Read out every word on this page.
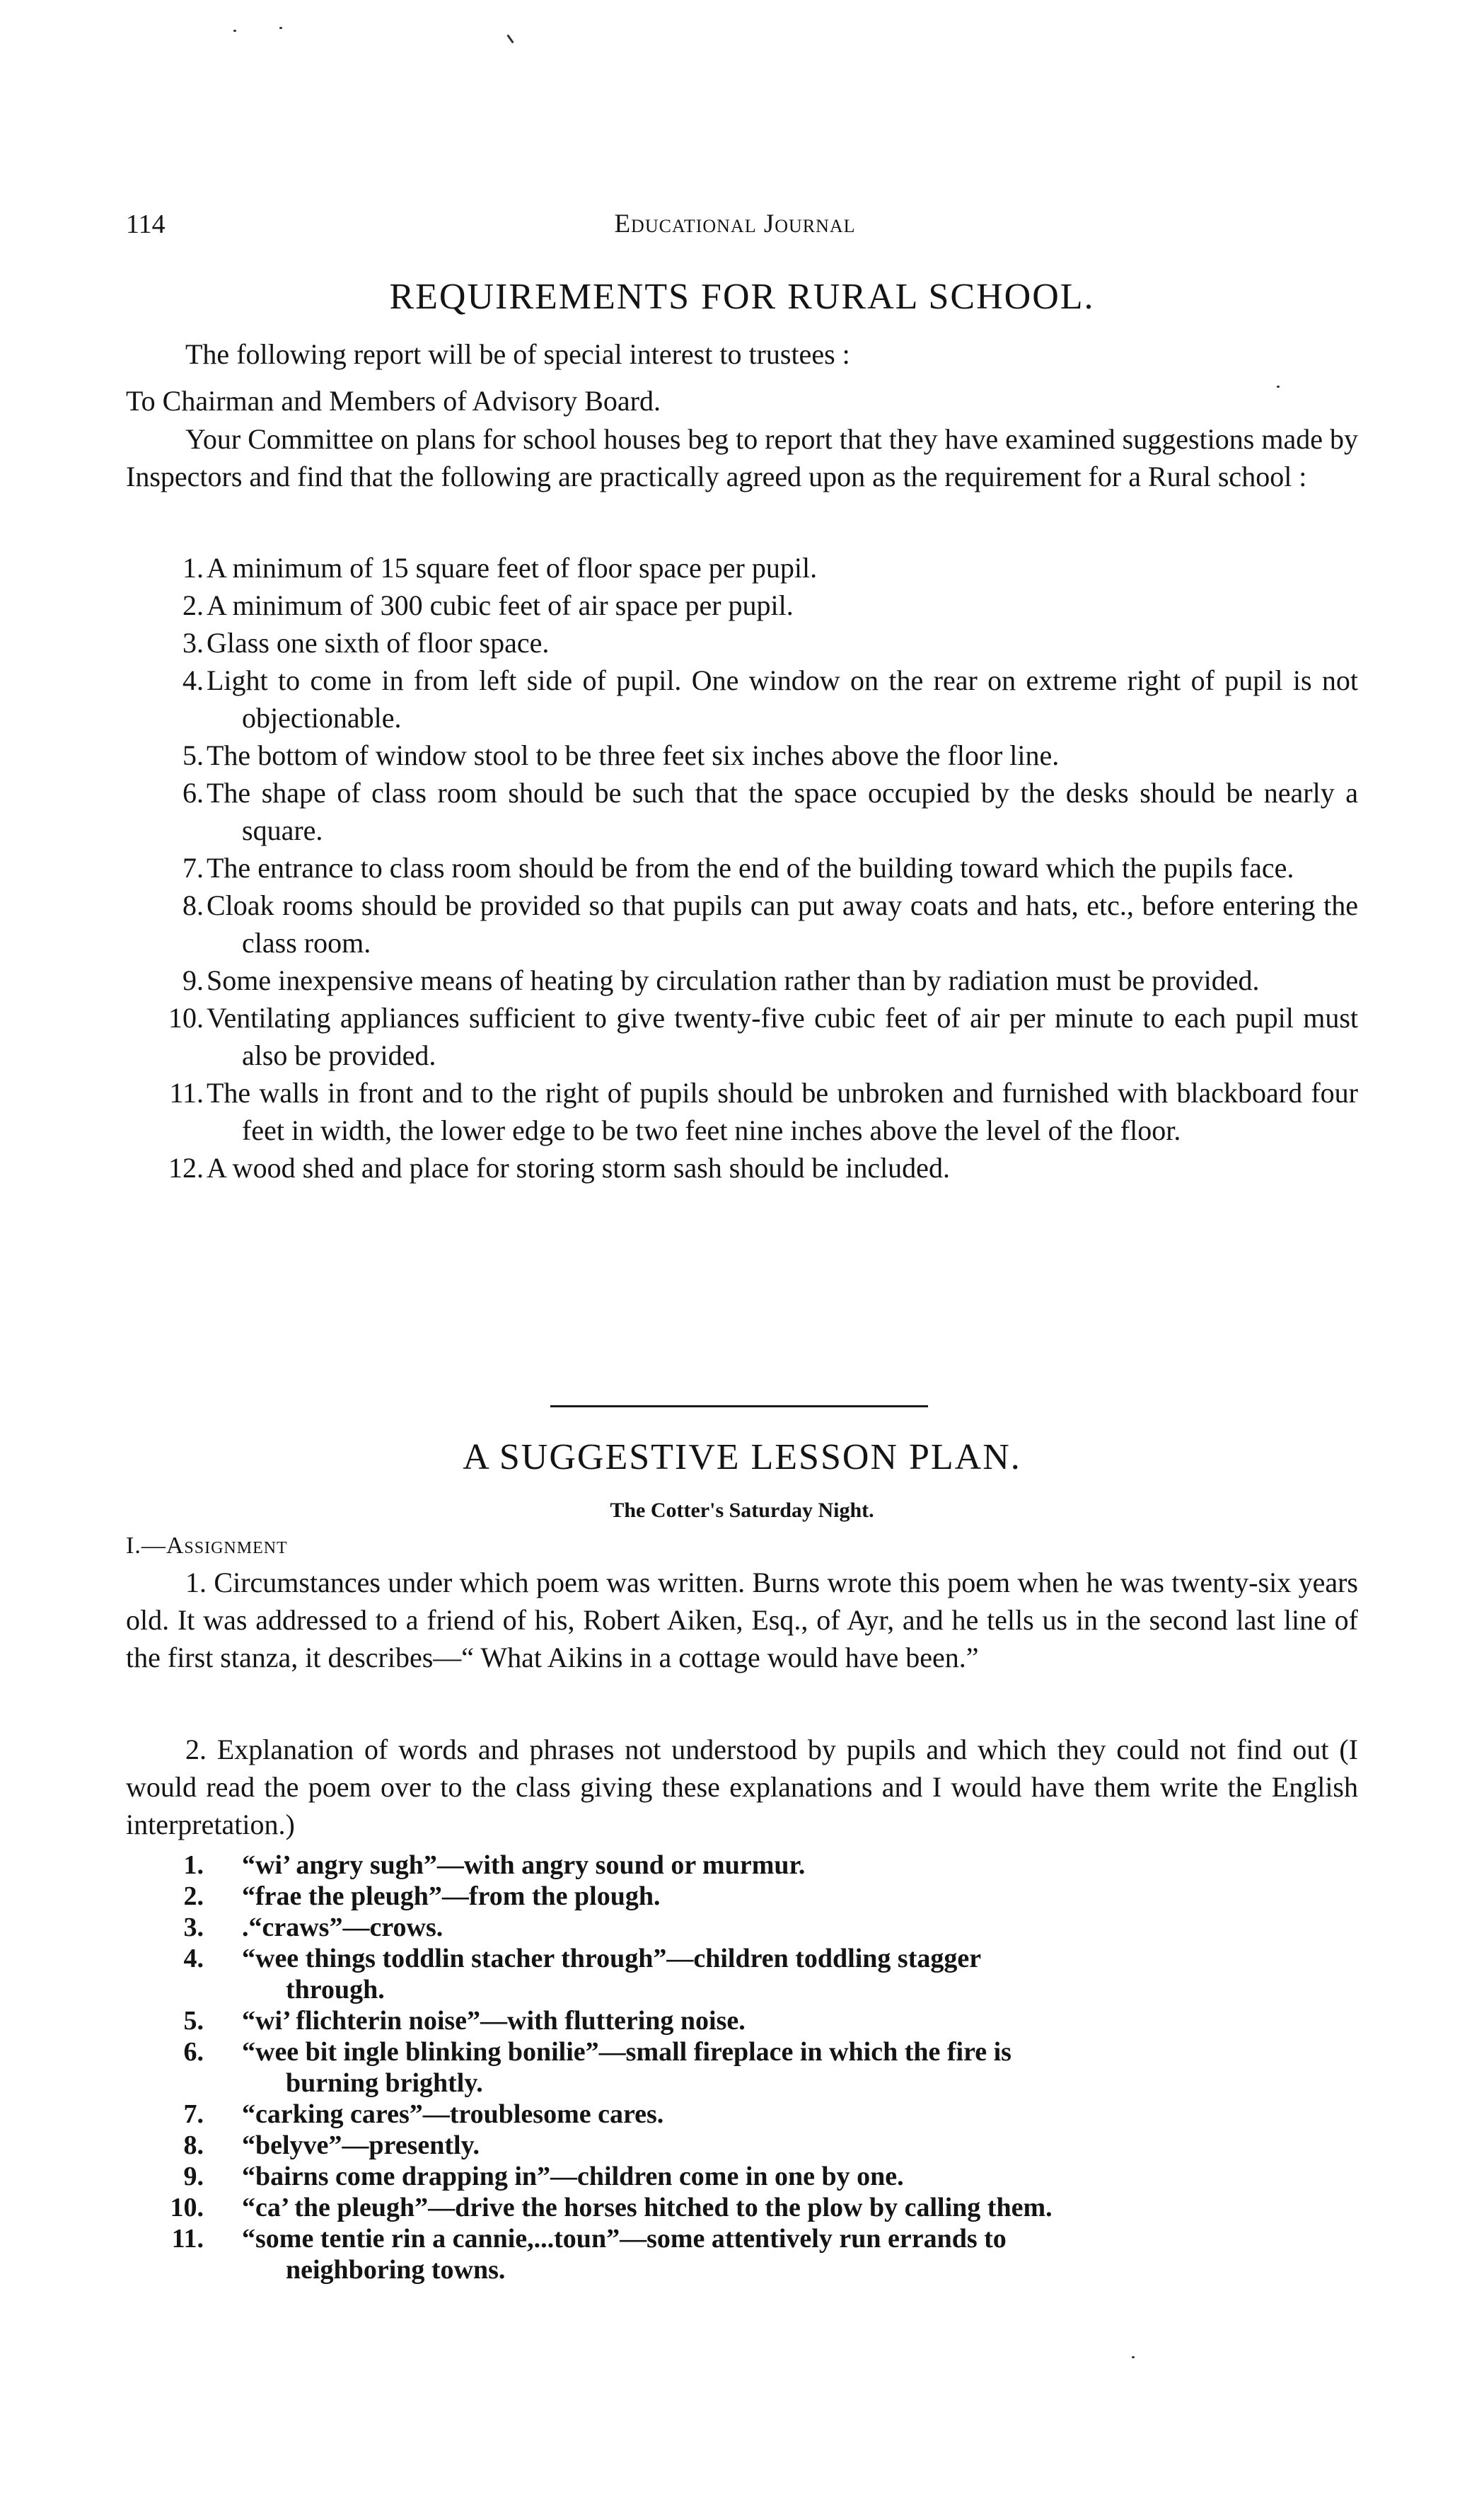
114	Educational Journal
REQUIREMENTS FOR RURAL SCHOOL.
The following report will be of special interest to trustees :
To Chairman and Members of Advisory Board.
Your Committee on plans for school houses beg to report that they have examined suggestions made by Inspectors and find that the following are practically agreed upon as the requirement for a Rural school :
1. A minimum of 15 square feet of floor space per pupil.
2. A minimum of 300 cubic feet of air space per pupil.
3. Glass one sixth of floor space.
4. Light to come in from left side of pupil. One window on the rear on extreme right of pupil is not objectionable.
5. The bottom of window stool to be three feet six inches above the floor line.
6. The shape of class room should be such that the space occupied by the desks should be nearly a square.
7. The entrance to class room should be from the end of the building toward which the pupils face.
8. Cloak rooms should be provided so that pupils can put away coats and hats, etc., before entering the class room.
9. Some inexpensive means of heating by circulation rather than by radiation must be provided.
10. Ventilating appliances sufficient to give twenty-five cubic feet of air per minute to each pupil must also be provided.
11. The walls in front and to the right of pupils should be unbroken and furnished with blackboard four feet in width, the lower edge to be two feet nine inches above the level of the floor.
12. A wood shed and place for storing storm sash should be included.
A SUGGESTIVE LESSON PLAN.
The Cotter's Saturday Night.
I.—Assignment
1. Circumstances under which poem was written. Burns wrote this poem when he was twenty-six years old. It was addressed to a friend of his, Robert Aiken, Esq., of Ayr, and he tells us in the second last line of the first stanza, it describes—“ What Aikins in a cottage would have been.”
2. Explanation of words and phrases not understood by pupils and which they could not find out (I would read the poem over to the class giving these explanations and I would have them write the English interpretation.)
1. “wi’ angry sugh”—with angry sound or murmur.
2. “frae the pleugh”—from the plough.
3. .“craws”—crows.
4. “wee things toddlin stacher through”—children toddling stagger
through.
5. “wi’ flichterin noise”—with fluttering noise.
6. “wee bit ingle blinking bonilie”—small fireplace in which the fire is
burning brightly.
7. “carking cares”—troublesome cares.
8. “belyve”—presently.
9. “bairns come drapping in”—children come in one by one.
10. “ca’ the pleugh”—drive the horses hitched to the plow by calling them.
11. “some tentie rin a cannie,...toun”—some attentively run errands to
neighboring towns.
